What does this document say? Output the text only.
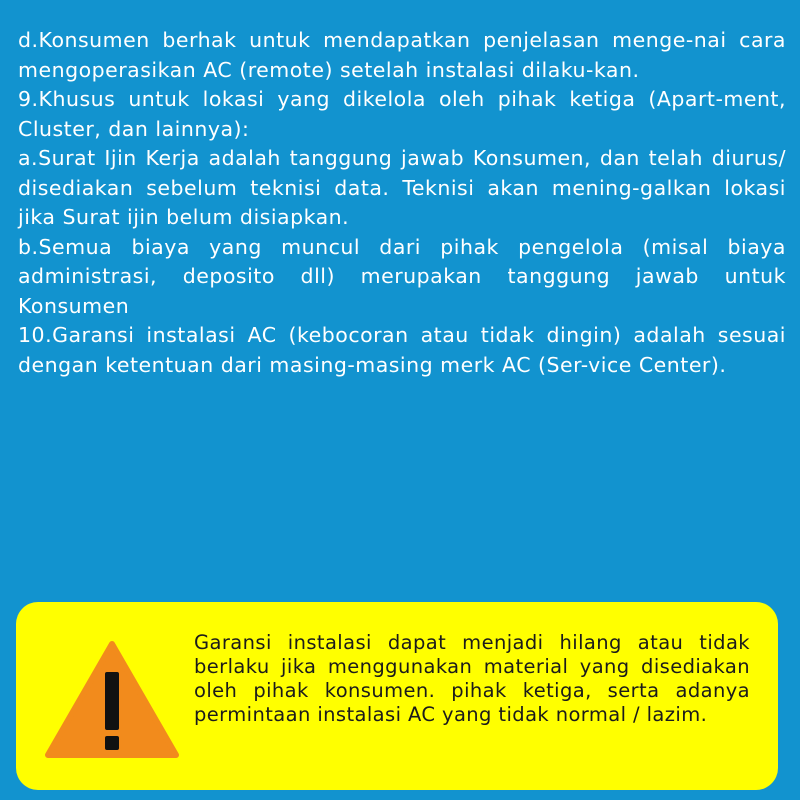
d.Konsumen berhak untuk mendapatkan penjelasan menge-nai cara mengoperasikan AC (remote) setelah instalasi dilaku-kan.

9.Khusus untuk lokasi yang dikelola oleh pihak ketiga (Apart-ment, Cluster, dan lainnya):

a.Surat Ijin Kerja adalah tanggung jawab Konsumen, dan telah diurus/ disediakan sebelum teknisi data. Teknisi akan mening-galkan lokasi jika Surat ijin belum disiapkan.

b.Semua biaya yang muncul dari pihak pengelola (misal biaya administrasi, deposito dll) merupakan tanggung jawab untuk Konsumen

10.Garansi instalasi AC (kebocoran atau tidak dingin) adalah sesuai dengan ketentuan dari masing-masing merk AC (Ser-vice Center).

Garansi instalasi dapat menjadi hilang atau tidak berlaku jika menggunakan material yang disediakan oleh pihak konsumen. pihak ketiga, serta adanya permintaan instalasi AC yang tidak normal / lazim.
